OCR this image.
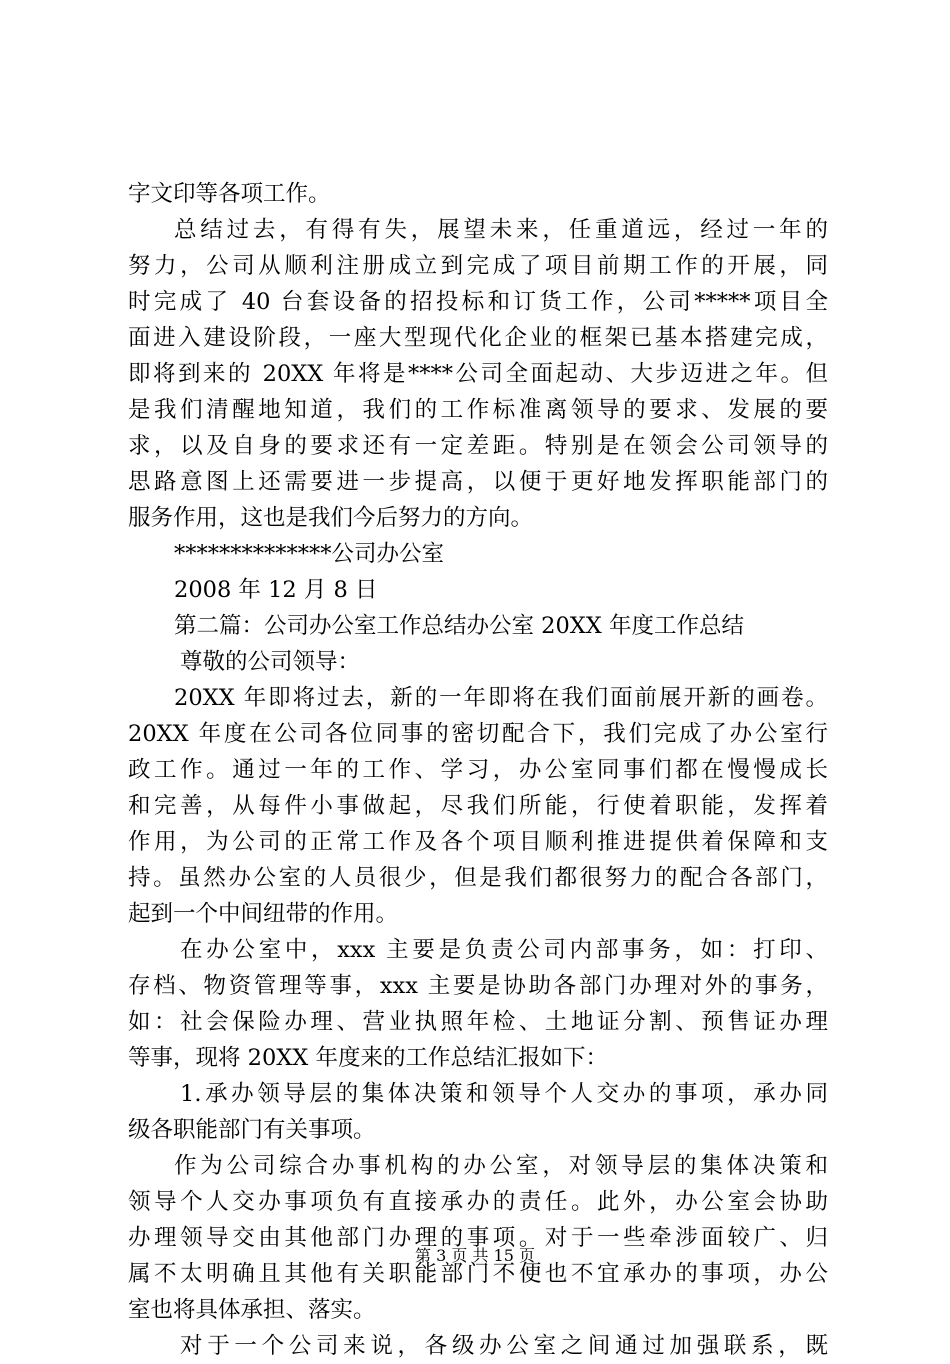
字文印等各项工作。
总结过去，有得有失，展望未来，任重道远，经过一年的
努力，公司从顺利注册成立到完成了项目前期工作的开展，同
时完成了 40 台套设备的招投标和订货工作，公司*****项目全
面进入建设阶段，一座大型现代化企业的框架已基本搭建完成，
即将到来的 20XX 年将是****公司全面起动、大步迈进之年。但
是我们清醒地知道，我们的工作标准离领导的要求、发展的要
求，以及自身的要求还有一定差距。特别是在领会公司领导的
思路意图上还需要进一步提高，以便于更好地发挥职能部门的
服务作用，这也是我们今后努力的方向。
**************公司办公室
2008 年 12 月 8 日
第二篇：公司办公室工作总结办公室 20XX 年度工作总结
尊敬的公司领导：
20XX 年即将过去，新的一年即将在我们面前展开新的画卷。
20XX 年度在公司各位同事的密切配合下，我们完成了办公室行
政工作。通过一年的工作、学习，办公室同事们都在慢慢成长
和完善，从每件小事做起，尽我们所能，行使着职能，发挥着
作用，为公司的正常工作及各个项目顺利推进提供着保障和支
持。虽然办公室的人员很少，但是我们都很努力的配合各部门，
起到一个中间纽带的作用。
在办公室中，xxx 主要是负责公司内部事务，如：打印、
存档、物资管理等事，xxx 主要是协助各部门办理对外的事务，
如：社会保险办理、营业执照年检、土地证分割、预售证办理
等事，现将 20XX 年度来的工作总结汇报如下：
1.承办领导层的集体决策和领导个人交办的事项，承办同
级各职能部门有关事项。
作为公司综合办事机构的办公室，对领导层的集体决策和
领导个人交办事项负有直接承办的责任。此外，办公室会协助
办理领导交由其他部门办理的事项。对于一些牵涉面较广、归
属不太明确且其他有关职能部门不便也不宜承办的事项，办公
室也将具体承担、落实。
对于一个公司来说，各级办公室之间通过加强联系，既
第 3 页 共 15 页
